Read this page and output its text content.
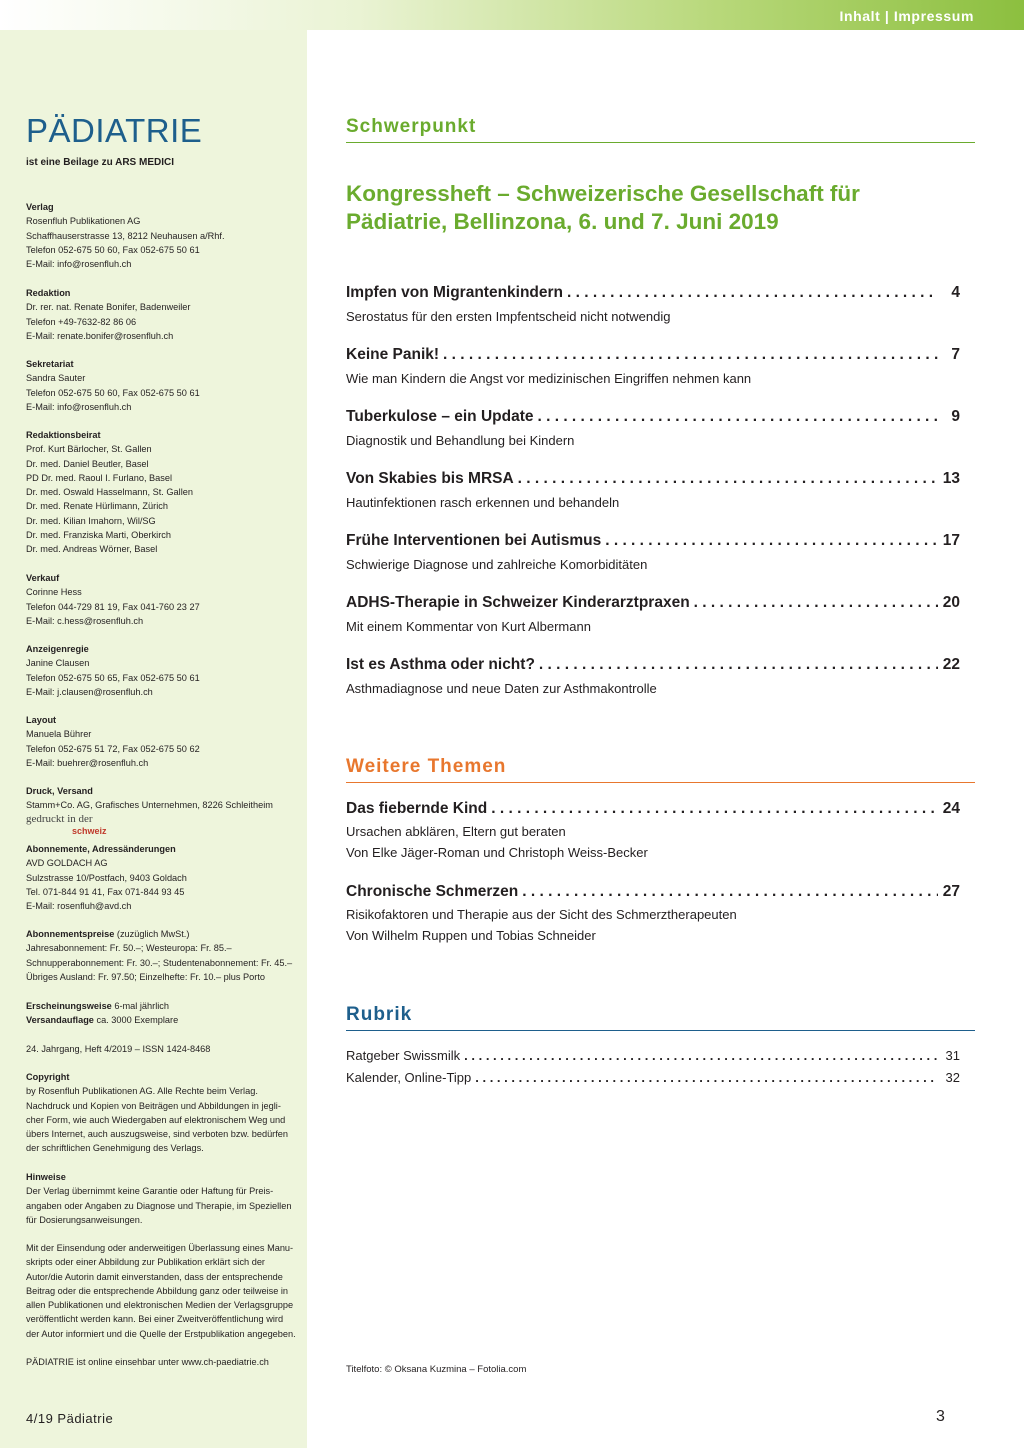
Inhalt | Impressum
PÄDIATRIE
ist eine Beilage zu ARS MEDICI
Verlag
Rosenfluh Publikationen AG
Schaffhauserstrasse 13, 8212 Neuhausen a/Rhf.
Telefon 052-675 50 60, Fax 052-675 50 61
E-Mail: info@rosenfluh.ch
Redaktion
Dr. rer. nat. Renate Bonifer, Badenweiler
Telefon +49-7632-82 86 06
E-Mail: renate.bonifer@rosenfluh.ch
Sekretariat
Sandra Sauter
Telefon 052-675 50 60, Fax 052-675 50 61
E-Mail: info@rosenfluh.ch
Redaktionsbeirat
Prof. Kurt Bärlocher, St. Gallen
Dr. med. Daniel Beutler, Basel
PD Dr. med. Raoul I. Furlano, Basel
Dr. med. Oswald Hasselmann, St. Gallen
Dr. med. Renate Hürlimann, Zürich
Dr. med. Kilian Imahorn, Wil/SG
Dr. med. Franziska Marti, Oberkirch
Dr. med. Andreas Wörner, Basel
Verkauf
Corinne Hess
Telefon 044-729 81 19, Fax 041-760 23 27
E-Mail: c.hess@rosenfluh.ch
Anzeigenregie
Janine Clausen
Telefon 052-675 50 65, Fax 052-675 50 61
E-Mail: j.clausen@rosenfluh.ch
Layout
Manuela Bührer
Telefon 052-675 51 72, Fax 052-675 50 62
E-Mail: buehrer@rosenfluh.ch
Druck, Versand
Stamm+Co. AG, Grafisches Unternehmen, 8226 Schleitheim
gedruckt in der
schweiz
Abonnemente, Adressänderungen
AVD GOLDACH AG
Sulzstrasse 10/Postfach, 9403 Goldach
Tel. 071-844 91 41, Fax 071-844 93 45
E-Mail: rosenfluh@avd.ch
Abonnementspreise (zuzüglich MwSt.)
Jahresabonnement: Fr. 50.–; Westeuropa: Fr. 85.–
Schnupperabonnement: Fr. 30.–; Studentenabonnement: Fr. 45.–
Übriges Ausland: Fr. 97.50; Einzelhefte: Fr. 10.– plus Porto
Erscheinungsweise 6-mal jährlich
Versandauflage ca. 3000 Exemplare
24. Jahrgang, Heft 4/2019 – ISSN 1424-8468
Copyright
by Rosenfluh Publikationen AG. Alle Rechte beim Verlag.
Nachdruck und Kopien von Beiträgen und Abbildungen in jegli-
cher Form, wie auch Wiedergaben auf elektronischem Weg und
übers Internet, auch auszugsweise, sind verboten bzw. bedürfen
der schriftlichen Genehmigung des Verlags.
Hinweise
Der Verlag übernimmt keine Garantie oder Haftung für Preis-
angaben oder Angaben zu Diagnose und Therapie, im Speziellen
für Dosierungsanweisungen.
Mit der Einsendung oder anderweitigen Überlassung eines Manu-
skripts oder einer Abbildung zur Publikation erklärt sich der
Autor/die Autorin damit einverstanden, dass der entsprechende
Beitrag oder die entsprechende Abbildung ganz oder teilweise in
allen Publikationen und elektronischen Medien der Verlagsgruppe
veröffentlicht werden kann. Bei einer Zweitveröffentlichung wird
der Autor informiert und die Quelle der Erstpublikation angegeben.
PÄDIATRIE ist online einsehbar unter www.ch-paediatrie.ch
Schwerpunkt
Kongressheft – Schweizerische Gesellschaft für Pädiatrie, Bellinzona, 6. und 7. Juni 2019
Impfen von Migrantenkindern . . .	4
Serostatus für den ersten Impfentscheid nicht notwendig
Keine Panik! . . .	7
Wie man Kindern die Angst vor medizinischen Eingriffen nehmen kann
Tuberkulose – ein Update . . .	9
Diagnostik und Behandlung bei Kindern
Von Skabies bis MRSA . . .	13
Hautinfektionen rasch erkennen und behandeln
Frühe Interventionen bei Autismus . . .	17
Schwierige Diagnose und zahlreiche Komorbiditäten
ADHS-Therapie in Schweizer Kinderarztpraxen . . .	20
Mit einem Kommentar von Kurt Albermann
Ist es Asthma oder nicht? . . .	22
Asthmadiagnose und neue Daten zur Asthmakontrolle
Weitere Themen
Das fiebernde Kind . . .	24
Ursachen abklären, Eltern gut beraten
Von Elke Jäger-Roman und Christoph Weiss-Becker
Chronische Schmerzen . . .	27
Risikofaktoren und Therapie aus der Sicht des Schmerztherapeuten
Von Wilhelm Ruppen und Tobias Schneider
Rubrik
Ratgeber Swissmilk . . .	31
Kalender, Online-Tipp . . .	32
Titelfoto: © Oksana Kuzmina – Fotolia.com
4/19 Pädiatrie	3
